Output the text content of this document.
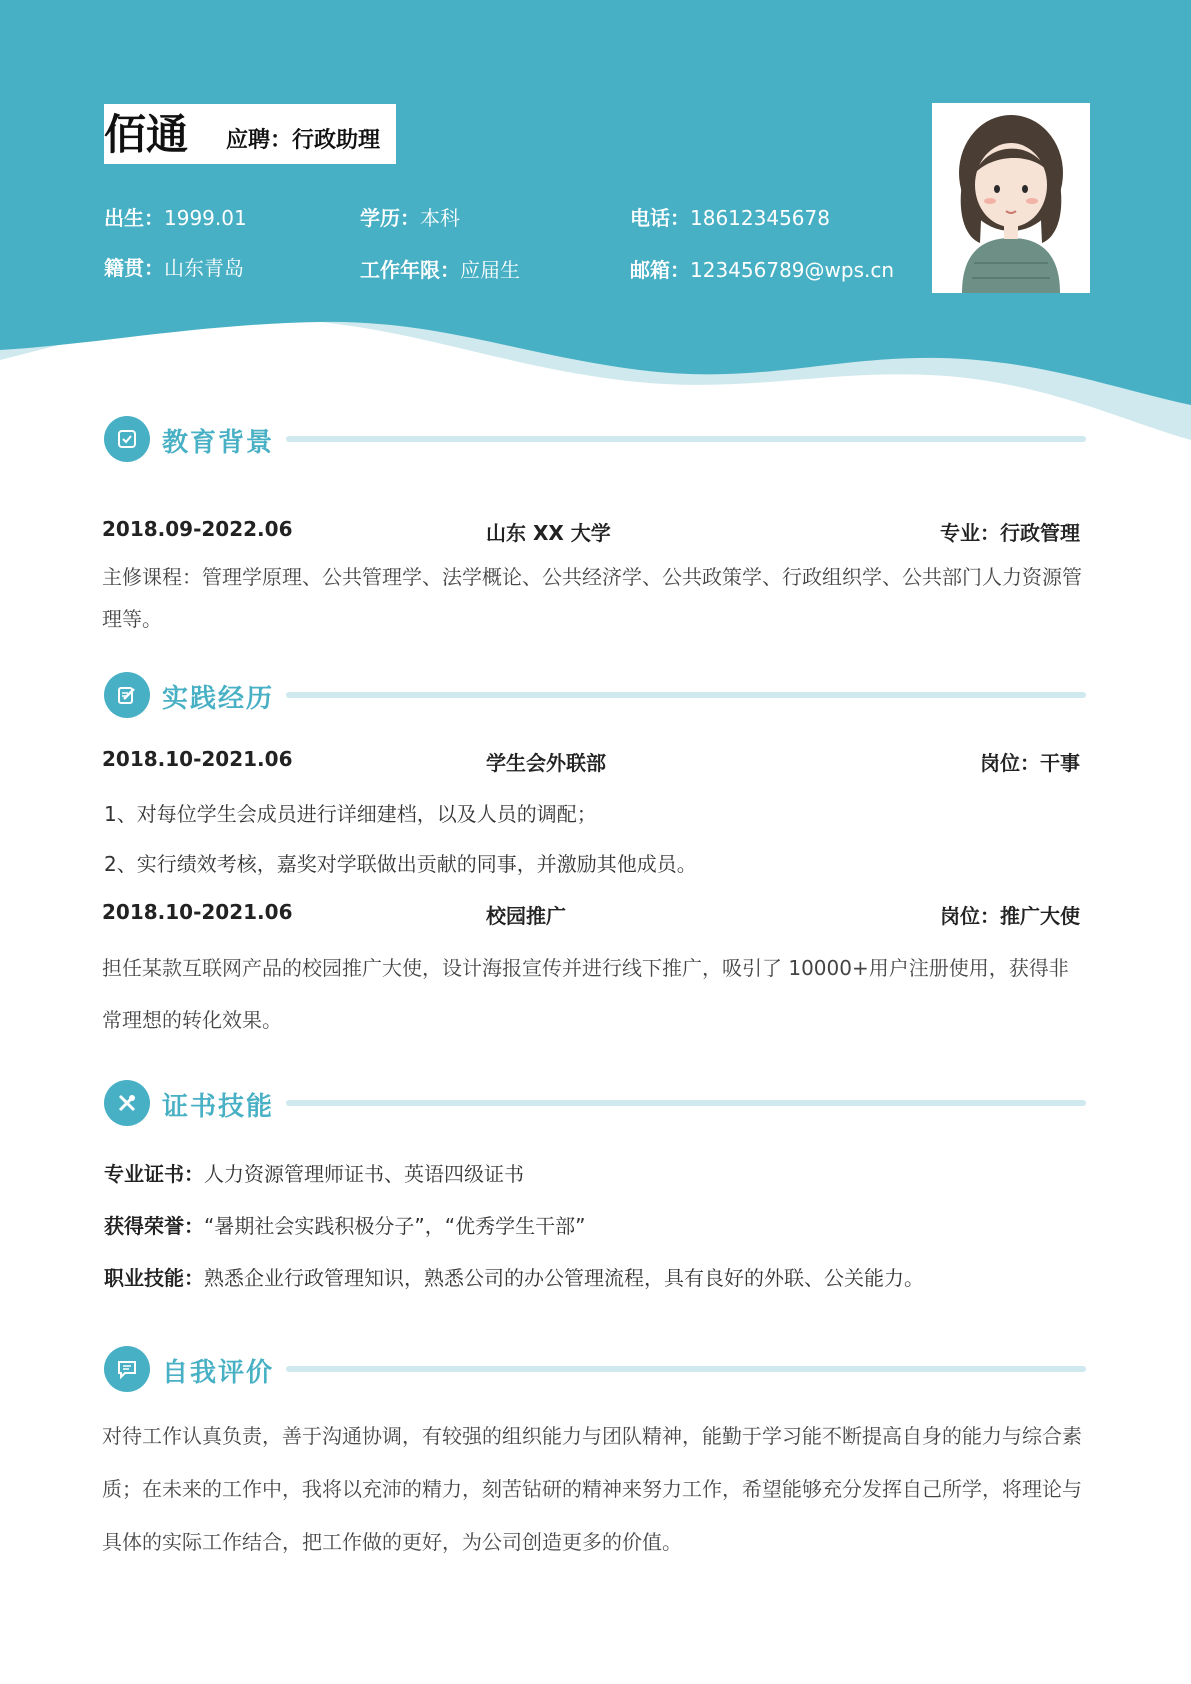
佰通 应聘：行政助理
出生：1999.01	学历：本科	电话：18612345678
籍贯：山东青岛	工作年限：应届生	邮箱：123456789@wps.cn
教育背景
2018.09-2022.06	山东 XX 大学	专业：行政管理
主修课程：管理学原理、公共管理学、法学概论、公共经济学、公共政策学、行政组织学、公共部门人力资源管理等。
实践经历
2018.10-2021.06	学生会外联部	岗位：干事
1、对每位学生会成员进行详细建档，以及人员的调配；
2、实行绩效考核，嘉奖对学联做出贡献的同事，并激励其他成员。
2018.10-2021.06	校园推广	岗位：推广大使
担任某款互联网产品的校园推广大使，设计海报宣传并进行线下推广，吸引了 10000+用户注册使用，获得非常理想的转化效果。
证书技能
专业证书：人力资源管理师证书、英语四级证书
获得荣誉：“暑期社会实践积极分子”，“优秀学生干部”
职业技能：熟悉企业行政管理知识，熟悉公司的办公管理流程，具有良好的外联、公关能力。
自我评价
对待工作认真负责，善于沟通协调，有较强的组织能力与团队精神，能勤于学习能不断提高自身的能力与综合素质；在未来的工作中，我将以充沛的精力，刻苦钻研的精神来努力工作，希望能够充分发挥自己所学，将理论与具体的实际工作结合，把工作做的更好，为公司创造更多的价值。
